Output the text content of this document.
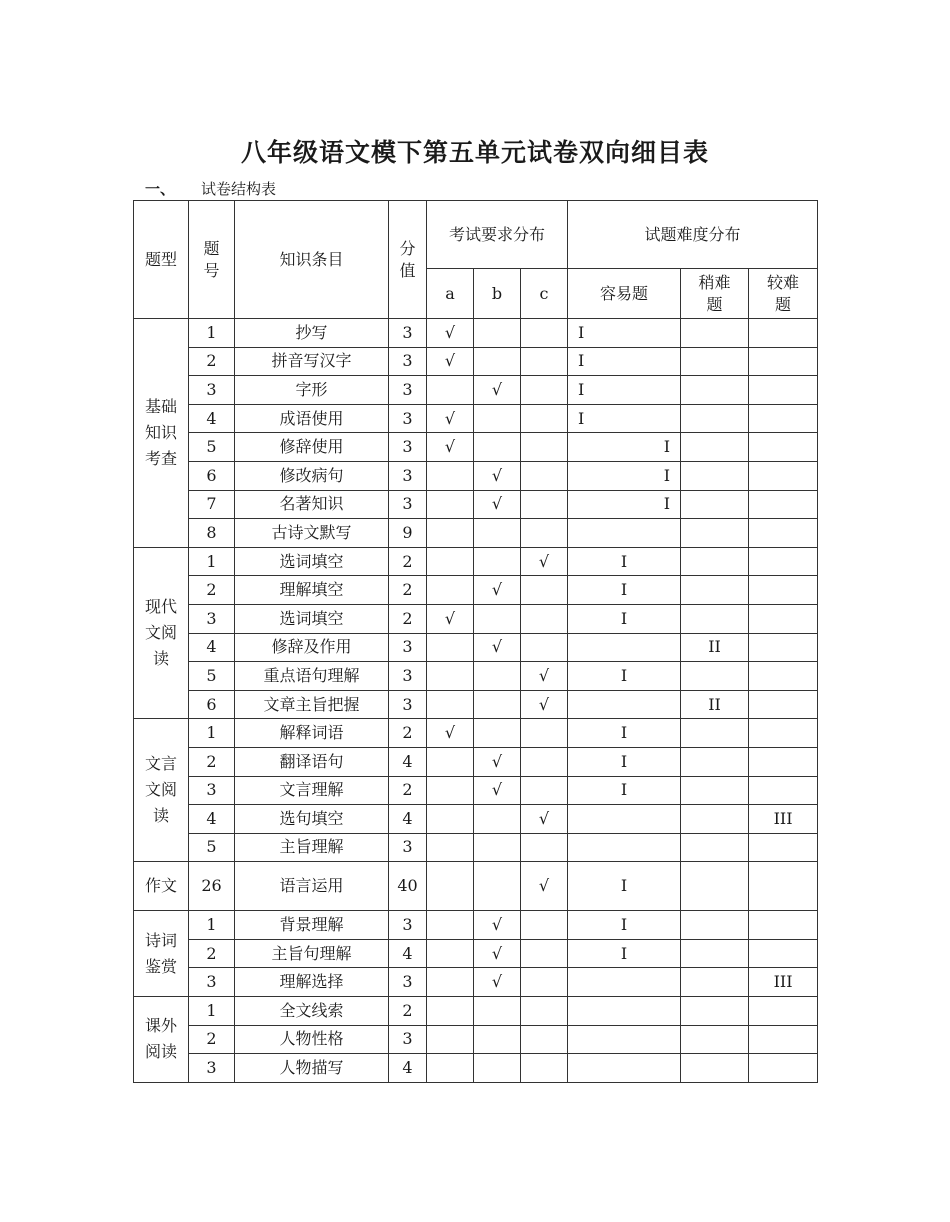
八年级语文模下第五单元试卷双向细目表
一、 试卷结构表
题型	题号	知识条目	分值	考试要求分布			试题难度分布		
				a	b	c	容易题	稍难题	较难题
基础知识考查	1	抄写	3	√			I		
	2	拼音写汉字	3	√			I		
	3	字形	3		√		I		
	4	成语使用	3	√			I		
	5	修辞使用	3	√			I		
	6	修改病句	3		√		I		
	7	名著知识	3		√		I		
	8	古诗文默写	9						
现代文阅读	1	选词填空	2			√	I		
	2	理解填空	2		√		I		
	3	选词填空	2	√			I		
	4	修辞及作用	3		√			II	
	5	重点语句理解	3			√	I		
	6	文章主旨把握	3			√		II	
文言文阅读	1	解释词语	2	√			I		
	2	翻译语句	4		√		I		
	3	文言理解	2		√		I		
	4	选句填空	4			√			III
	5	主旨理解	3						
作文	26	语言运用	40			√	I		
诗词鉴赏	1	背景理解	3		√		I		
	2	主旨句理解	4		√		I		
	3	理解选择	3		√				III
课外阅读	1	全文线索	2						
	2	人物性格	3						
	3	人物描写	4						
